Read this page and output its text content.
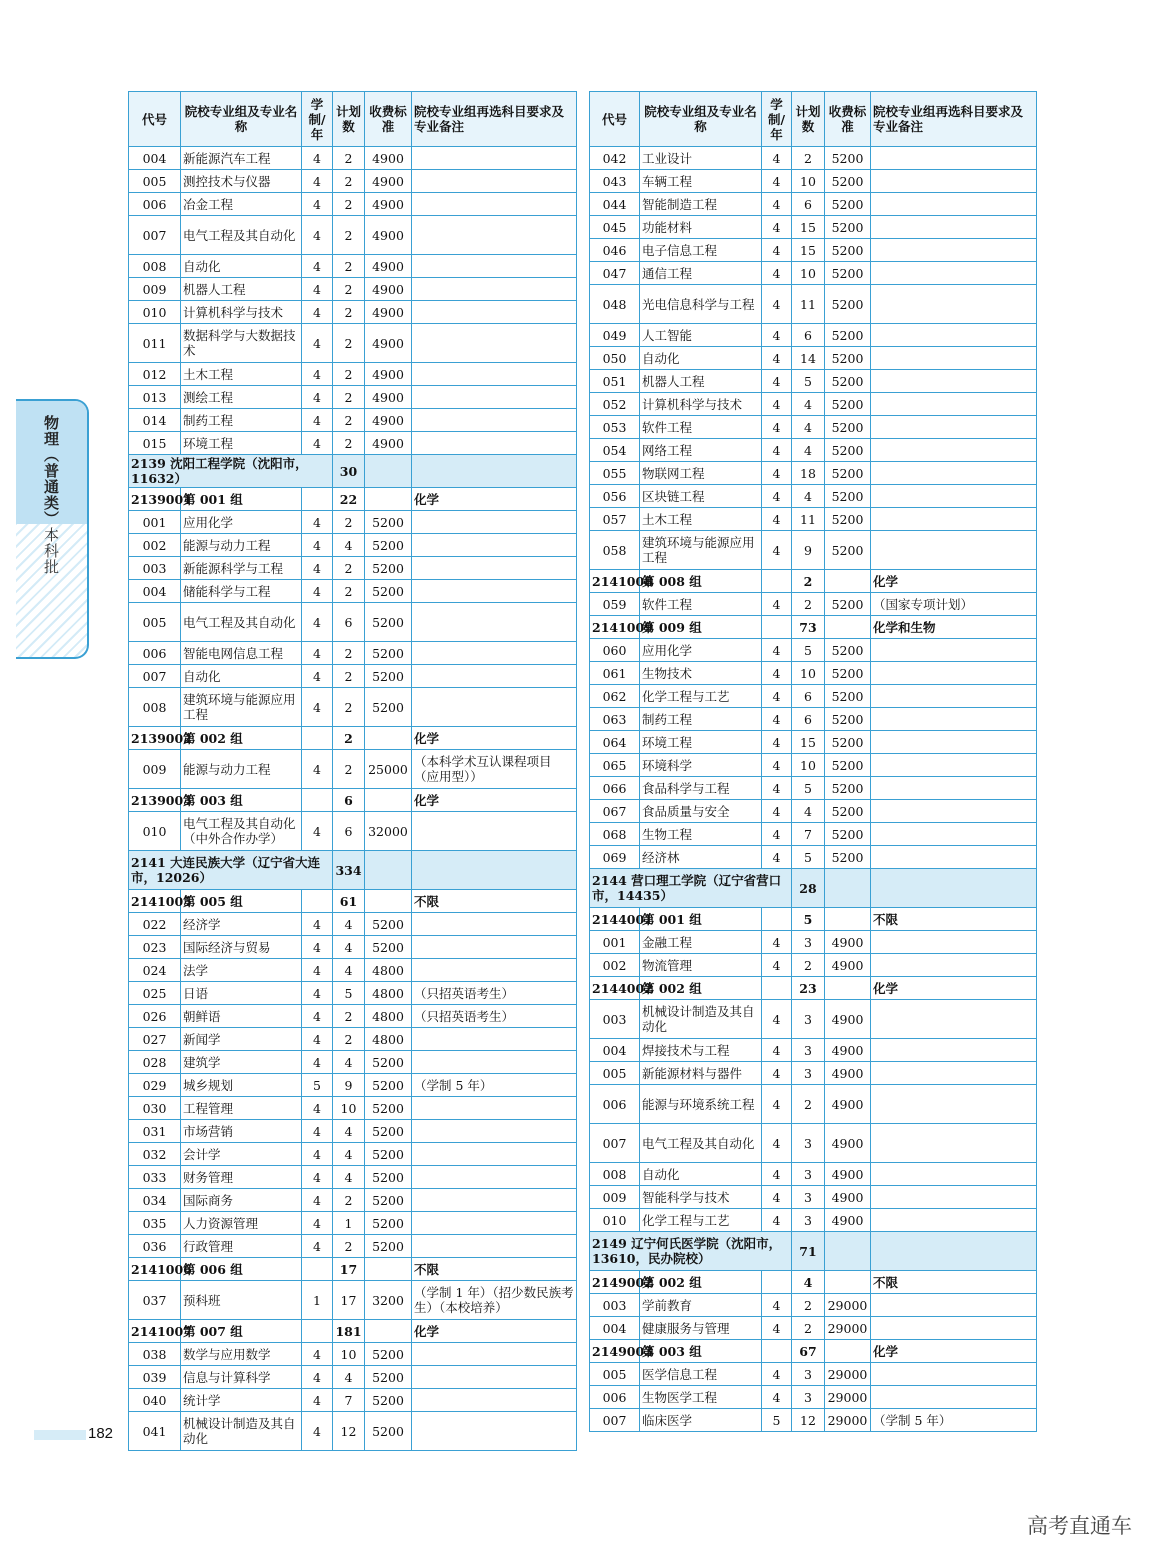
物理（普通类）本科批
代号	院校专业组及专业名称	学制/年	计划数	收费标准	院校专业组再选科目要求及专业备注
004	新能源汽车工程	4	2	4900	
005	测控技术与仪器	4	2	4900	
006	冶金工程	4	2	4900	
007	电气工程及其自动化	4	2	4900	
008	自动化	4	2	4900	
009	机器人工程	4	2	4900	
010	计算机科学与技术	4	2	4900	
011	数据科学与大数据技术	4	2	4900	
012	土木工程	4	2	4900	
013	测绘工程	4	2	4900	
014	制药工程	4	2	4900	
015	环境工程	4	2	4900	
2139 沈阳工程学院（沈阳市，11632）			30		
2139001	第 001 组		22		化学
001	应用化学	4	2	5200	
002	能源与动力工程	4	4	5200	
003	新能源科学与工程	4	2	5200	
004	储能科学与工程	4	2	5200	
005	电气工程及其自动化	4	6	5200	
006	智能电网信息工程	4	2	5200	
007	自动化	4	2	5200	
008	建筑环境与能源应用工程	4	2	5200	
2139002	第 002 组		2		化学
009	能源与动力工程	4	2	25000	（本科学术互认课程项目（应用型））
2139003	第 003 组		6		化学
010	电气工程及其自动化（中外合作办学）	4	6	32000	
2141 大连民族大学（辽宁省大连市，12026）			334		
2141005	第 005 组		61		不限
022	经济学	4	4	5200	
023	国际经济与贸易	4	4	5200	
024	法学	4	4	4800	
025	日语	4	5	4800	（只招英语考生）
026	朝鲜语	4	2	4800	（只招英语考生）
027	新闻学	4	2	4800	
028	建筑学	4	4	5200	
029	城乡规划	5	9	5200	（学制 5 年）
030	工程管理	4	10	5200	
031	市场营销	4	4	5200	
032	会计学	4	4	5200	
033	财务管理	4	4	5200	
034	国际商务	4	2	5200	
035	人力资源管理	4	1	5200	
036	行政管理	4	2	5200	
2141006	第 006 组		17		不限
037	预科班	1	17	3200	（学制 1 年）（招少数民族考生）（本校培养）
2141007	第 007 组		181		化学
038	数学与应用数学	4	10	5200	
039	信息与计算科学	4	4	5200	
040	统计学	4	7	5200	
041	机械设计制造及其自动化	4	12	5200	
代号	院校专业组及专业名称	学制/年	计划数	收费标准	院校专业组再选科目要求及专业备注
042	工业设计	4	2	5200	
043	车辆工程	4	10	5200	
044	智能制造工程	4	6	5200	
045	功能材料	4	15	5200	
046	电子信息工程	4	15	5200	
047	通信工程	4	10	5200	
048	光电信息科学与工程	4	11	5200	
049	人工智能	4	6	5200	
050	自动化	4	14	5200	
051	机器人工程	4	5	5200	
052	计算机科学与技术	4	4	5200	
053	软件工程	4	4	5200	
054	网络工程	4	4	5200	
055	物联网工程	4	18	5200	
056	区块链工程	4	4	5200	
057	土木工程	4	11	5200	
058	建筑环境与能源应用工程	4	9	5200	
2141008	第 008 组		2		化学
059	软件工程	4	2	5200	（国家专项计划）
2141009	第 009 组		73		化学和生物
060	应用化学	4	5	5200	
061	生物技术	4	10	5200	
062	化学工程与工艺	4	6	5200	
063	制药工程	4	6	5200	
064	环境工程	4	15	5200	
065	环境科学	4	10	5200	
066	食品科学与工程	4	5	5200	
067	食品质量与安全	4	4	5200	
068	生物工程	4	7	5200	
069	经济林	4	5	5200	
2144 营口理工学院（辽宁省营口市，14435）			28		
2144001	第 001 组		5		不限
001	金融工程	4	3	4900	
002	物流管理	4	2	4900	
2144002	第 002 组		23		化学
003	机械设计制造及其自动化	4	3	4900	
004	焊接技术与工程	4	3	4900	
005	新能源材料与器件	4	3	4900	
006	能源与环境系统工程	4	2	4900	
007	电气工程及其自动化	4	3	4900	
008	自动化	4	3	4900	
009	智能科学与技术	4	3	4900	
010	化学工程与工艺	4	3	4900	
2149 辽宁何氏医学院（沈阳市，13610，民办院校）			71		
2149002	第 002 组		4		不限
003	学前教育	4	2	29000	
004	健康服务与管理	4	2	29000	
2149003	第 003 组		67		化学
005	医学信息工程	4	3	29000	
006	生物医学工程	4	3	29000	
007	临床医学	5	12	29000	（学制 5 年）
182
高考直通车
